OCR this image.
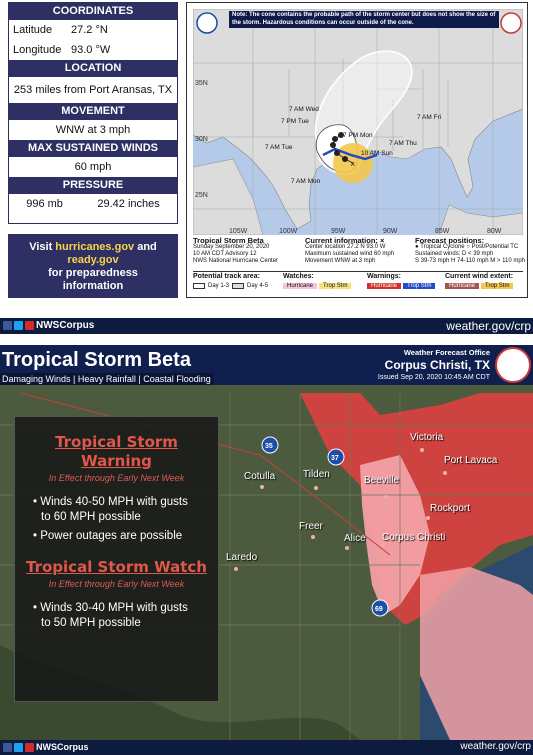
COORDINATES
Latitude	27.2 °N
Longitude 93.0 °W
LOCATION
253 miles from Port Aransas, TX
MOVEMENT
WNW at 3 mph
MAX SUSTAINED WINDS
60 mph
PRESSURE
996 mb	29.42 inches
Visit hurricanes.gov and
ready.gov
for preparedness
information
×
35N
30N
25N
105W	100W	95W	90W	85W	80W
7 AM Wed
7 PM Tue
7 AM Tue
7 PM Mon
7 AM Mon
7 AM Thu
10 AM Sun
7 AM Fri
Note: The cone contains the probable path of the storm center but does not show the size of the storm. Hazardous conditions can occur outside of the cone.
Tropical Storm Beta
Sunday September 20, 2020
10 AM CDT Advisory 12
NWS National Hurricane Center
Current information: ×
Center location 27.2 N 93.0 W
Maximum sustained wind 60 mph
Movement WNW at 3 mph
Forecast positions:
● Tropical Cyclone ○ Post/Potential TC
Sustained winds: D < 39 mph
S 39-73 mph H 74-110 mph M > 110 mph
Potential track area:
Day 1-3	Day 4-5
Watches:
Hurricane	Trop Stm
Warnings:
Hurricane	Trop Stm
Current wind extent:
Hurricane	Trop Stm
NWSCorpus	weather.gov/crp
35
37
69
Tropical Storm Beta
Damaging Winds | Heavy Rainfall | Coastal Flooding
Weather Forecast Office
Corpus Christi, TX
Issued Sep 20, 2020 10:45 AM CDT
Victoria
Port Lavaca
Cotulla	Tilden
Beeville
Rockport
Freer
Alice Corpus Christi
Laredo
Tropical Storm
Warning
In Effect through Early Next Week
• Winds 40-50 MPH with gusts
to 60 MPH possible
• Power outages are possible
Tropical Storm Watch
In Effect through Early Next Week
• Winds 30-40 MPH with gusts
to 50 MPH possible
NWSCorpus	weather.gov/crp
